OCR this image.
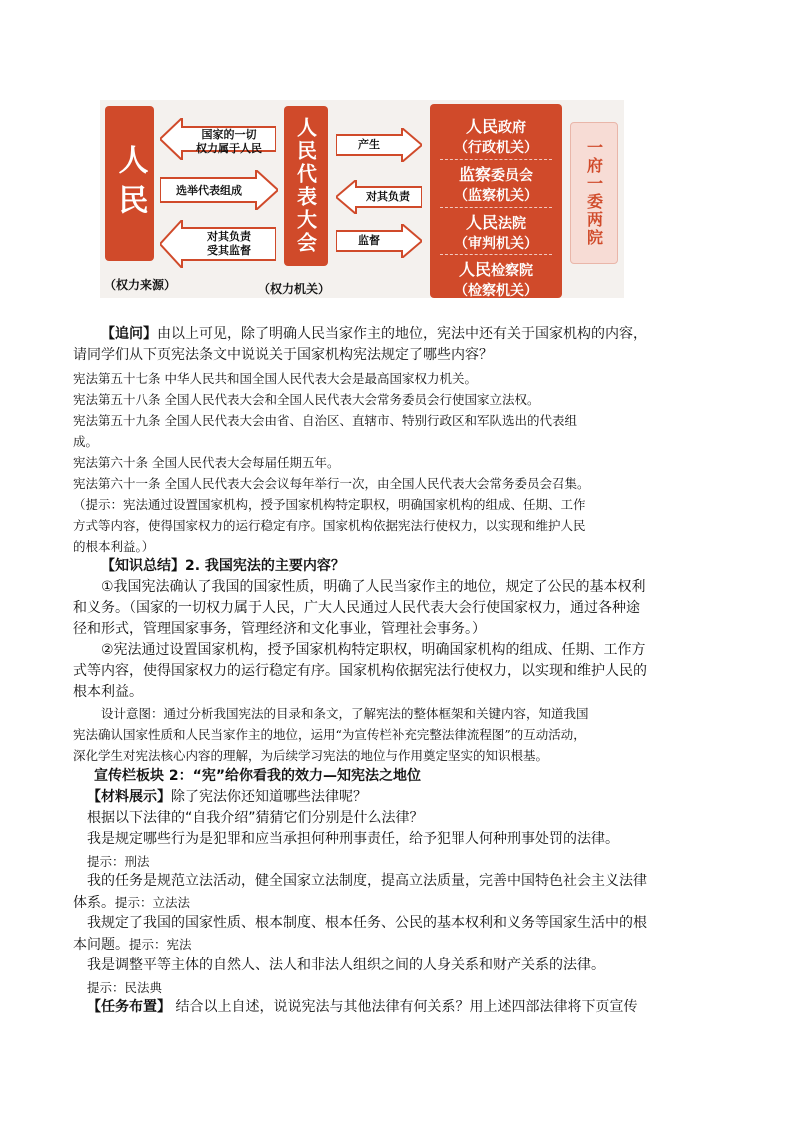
人民
（权力来源）
国家的一切
权力属于人民
选举代表组成
对其负责
受其监督	人民代表大会
（权力机关）
产生
对其负责
监督
人民政府
（行政机关）
监察委员会
（监察机关）
人民法院
（审判机关）
人民检察院
（检察机关）
一府一委两院

【追问】由以上可见，除了明确人民当家作主的地位，宪法中还有关于国家机构的内容，

请同学们从下页宪法条文中说说关于国家机构宪法规定了哪些内容？

宪法第五十七条 中华人民共和国全国人民代表大会是最高国家权力机关。

宪法第五十八条 全国人民代表大会和全国人民代表大会常务委员会行使国家立法权。

宪法第五十九条 全国人民代表大会由省、自治区、直辖市、特别行政区和军队选出的代表组

成。

宪法第六十条 全国人民代表大会每届任期五年。

宪法第六十一条 全国人民代表大会会议每年举行一次，由全国人民代表大会常务委员会召集。

（提示：宪法通过设置国家机构，授予国家机构特定职权，明确国家机构的组成、任期、工作

方式等内容，使得国家权力的运行稳定有序。国家机构依据宪法行使权力，以实现和维护人民

的根本利益。）

【知识总结】2. 我国宪法的主要内容？

①我国宪法确认了我国的国家性质，明确了人民当家作主的地位，规定了公民的基本权利

和义务。（国家的一切权力属于人民，广大人民通过人民代表大会行使国家权力，通过各种途

径和形式，管理国家事务，管理经济和文化事业，管理社会事务。）

②宪法通过设置国家机构，授予国家机构特定职权，明确国家机构的组成、任期、工作方

式等内容，使得国家权力的运行稳定有序。国家机构依据宪法行使权力，以实现和维护人民的

根本利益。

设计意图：通过分析我国宪法的目录和条文，了解宪法的整体框架和关键内容，知道我国

宪法确认国家性质和人民当家作主的地位，运用“为宣传栏补充完整法律流程图”的互动活动，

深化学生对宪法核心内容的理解，为后续学习宪法的地位与作用奠定坚实的知识根基。

宣传栏板块 2：“宪”给你看我的效力—知宪法之地位

【材料展示】除了宪法你还知道哪些法律呢？

根据以下法律的“自我介绍”猜猜它们分别是什么法律？

我是规定哪些行为是犯罪和应当承担何种刑事责任，给予犯罪人何种刑事处罚的法律。

提示：刑法

我的任务是规范立法活动，健全国家立法制度，提高立法质量，完善中国特色社会主义法律

体系。提示：立法法

我规定了我国的国家性质、根本制度、根本任务、公民的基本权利和义务等国家生活中的根

本问题。提示：宪法

我是调整平等主体的自然人、法人和非法人组织之间的人身关系和财产关系的法律。

提示：民法典

【任务布置】 结合以上自述，说说宪法与其他法律有何关系？用上述四部法律将下页宣传
